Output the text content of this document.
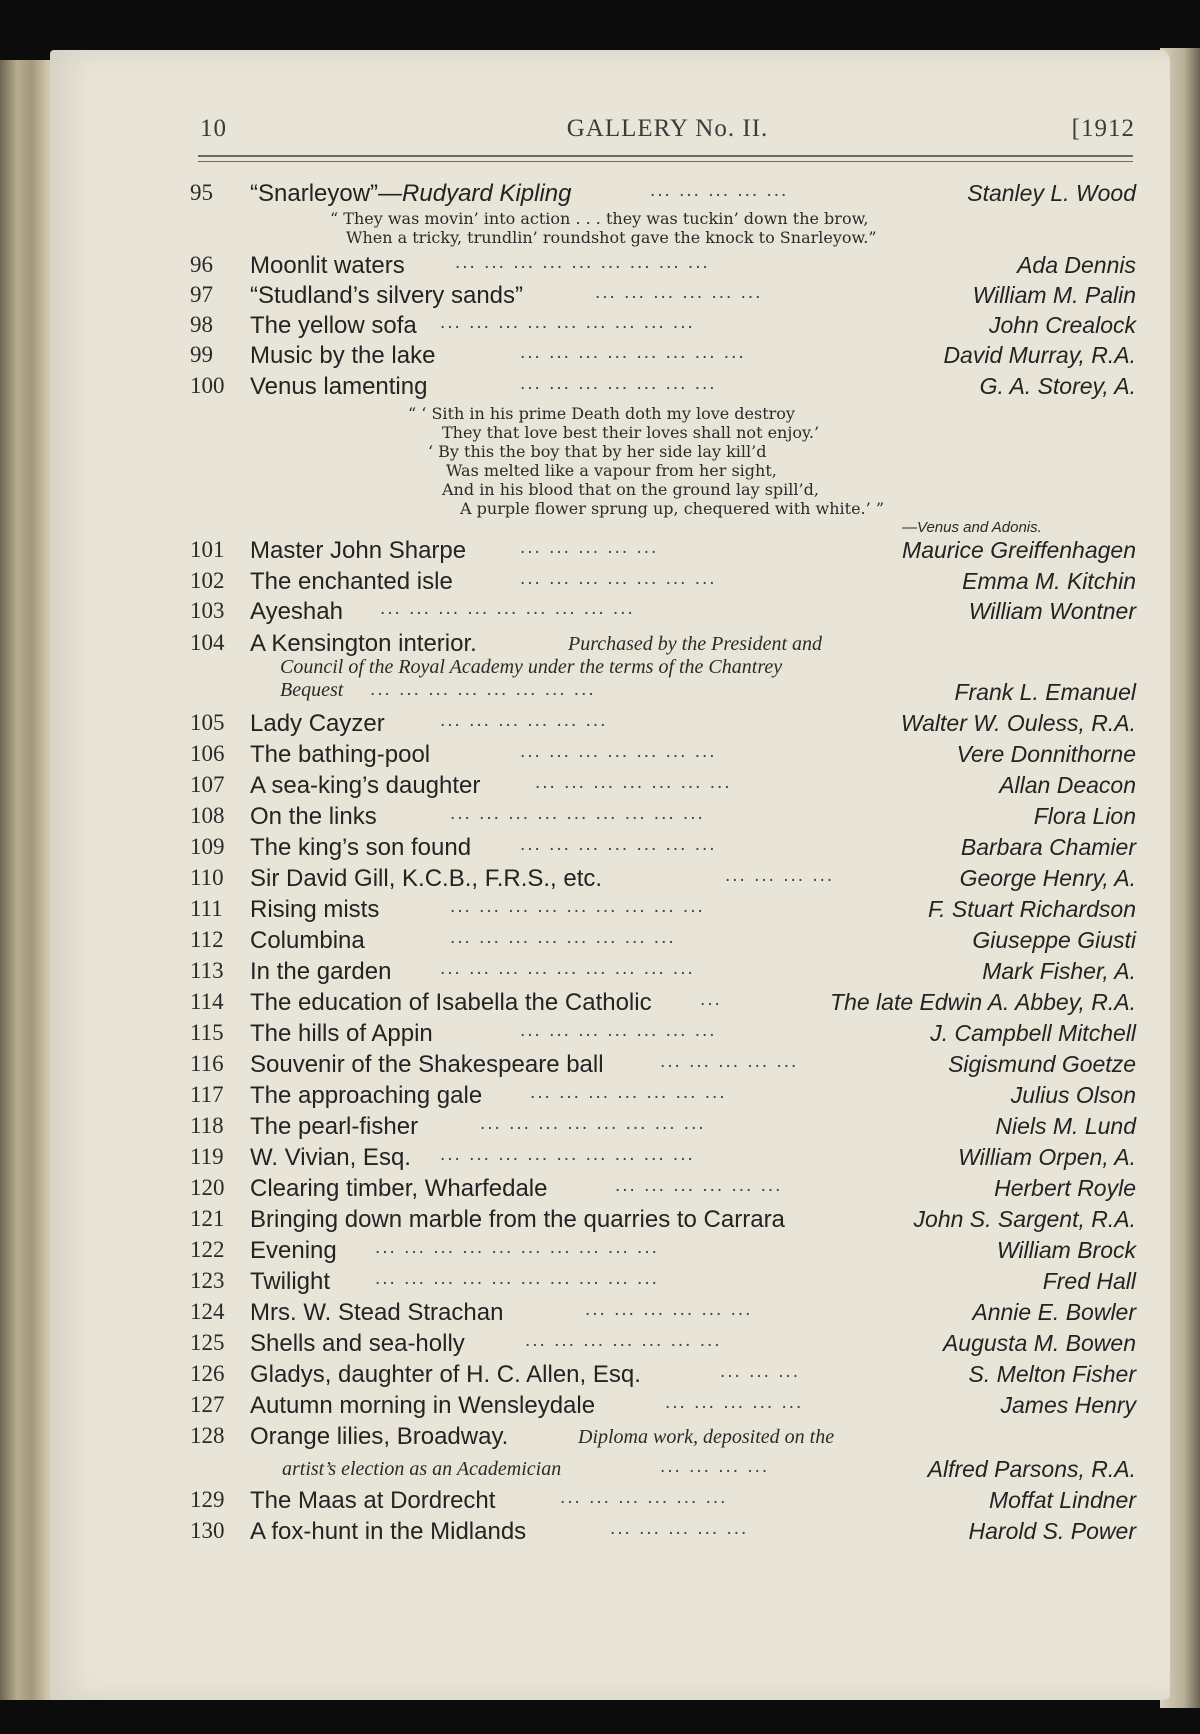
10	GALLERY No. II.	[1912
95	“Snarleyow”—Rudyard Kipling	... ... ... ... ...	Stanley L. Wood
“ They was movin’ into action . . . they was tuckin’ down the brow,
When a tricky, trundlin’ roundshot gave the knock to Snarleyow.”
96	Moonlit waters	... ... ... ... ... ... ... ... ...	Ada Dennis
97	“Studland’s silvery sands”	... ... ... ... ... ...	William M. Palin
98	The yellow sofa ... ... ... ... ... ... ... ... ...	John Crealock
99	Music by the lake	... ... ... ... ... ... ... ...	David Murray, R.A.
100	Venus lamenting	... ... ... ... ... ... ...	G. A. Storey, A.
“ ‘ Sith in his prime Death doth my love destroy
They that love best their loves shall not enjoy.’
‘ By this the boy that by her side lay kill’d
Was melted like a vapour from her sight,
And in his blood that on the ground lay spill’d,
A purple flower sprung up, chequered with white.’ ”
—Venus and Adonis.
101	Master John Sharpe	... ... ... ... ...	Maurice Greiffenhagen
102	The enchanted isle	... ... ... ... ... ... ...	Emma M. Kitchin
103	Ayeshah ... ... ... ... ... ... ... ... ...	William Wontner
104	A Kensington interior.	Purchased by the President and
Council of the Royal Academy under the terms of the Chantrey
Bequest ... ... ... ... ... ... ... ...	Frank L. Emanuel
105	Lady Cayzer	... ... ... ... ... ...	Walter W. Ouless, R.A.
106	The bathing-pool	... ... ... ... ... ... ...	Vere Donnithorne
107	A sea-king’s daughter	... ... ... ... ... ... ...	Allan Deacon
108	On the links	... ... ... ... ... ... ... ... ...	Flora Lion
109	The king’s son found	... ... ... ... ... ... ...	Barbara Chamier
110	Sir David Gill, K.C.B., F.R.S., etc.	... ... ... ...	George Henry, A.
111	Rising mists	... ... ... ... ... ... ... ... ...	F. Stuart Richardson
112	Columbina	... ... ... ... ... ... ... ...	Giuseppe Giusti
113	In the garden	... ... ... ... ... ... ... ... ...	Mark Fisher, A.
114	The education of Isabella the Catholic	...	The late Edwin A. Abbey, R.A.
115	The hills of Appin	... ... ... ... ... ... ...	J. Campbell Mitchell
116	Souvenir of the Shakespeare ball	... ... ... ... ...	Sigismund Goetze
117	The approaching gale	... ... ... ... ... ... ...	Julius Olson
118	The pearl-fisher	... ... ... ... ... ... ... ...	Niels M. Lund
119	W. Vivian, Esq. ... ... ... ... ... ... ... ... ...	William Orpen, A.
120	Clearing timber, Wharfedale	... ... ... ... ... ...	Herbert Royle
121	Bringing down marble from the quarries to Carrara	John S. Sargent, R.A.
122	Evening ... ... ... ... ... ... ... ... ... ...	William Brock
123	Twilight ... ... ... ... ... ... ... ... ... ...	Fred Hall
124	Mrs. W. Stead Strachan	... ... ... ... ... ...	Annie E. Bowler
125	Shells and sea-holly	... ... ... ... ... ... ...	Augusta M. Bowen
126	Gladys, daughter of H. C. Allen, Esq.	... ... ...	S. Melton Fisher
127	Autumn morning in Wensleydale	... ... ... ... ...	James Henry
128	Orange lilies, Broadway.	Diploma work, deposited on the
artist’s election as an Academician	... ... ... ...	Alfred Parsons, R.A.
129	The Maas at Dordrecht	... ... ... ... ... ...	Moffat Lindner
130	A fox-hunt in the Midlands	... ... ... ... ...	Harold S. Power
